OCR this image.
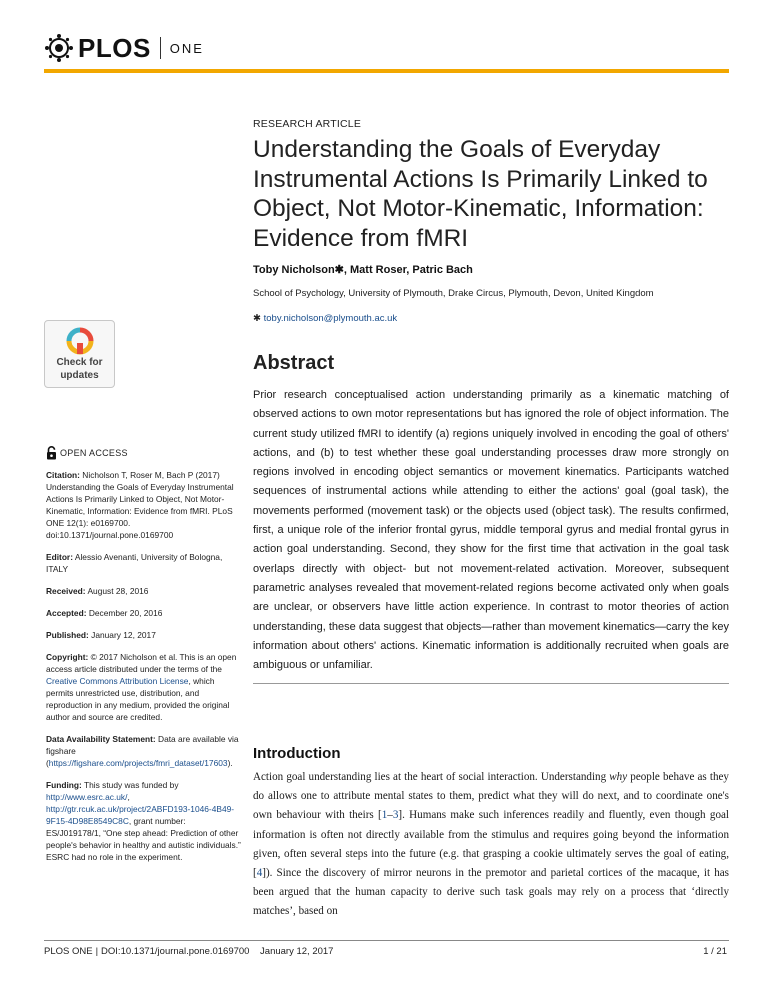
PLOS ONE
Check for
updates
RESEARCH ARTICLE
Understanding the Goals of Everyday Instrumental Actions Is Primarily Linked to Object, Not Motor-Kinematic, Information: Evidence from fMRI
Toby Nicholson✱, Matt Roser, Patric Bach
School of Psychology, University of Plymouth, Drake Circus, Plymouth, Devon, United Kingdom
✱ toby.nicholson@plymouth.ac.uk
Abstract

Prior research conceptualised action understanding primarily as a kinematic matching of observed actions to own motor representations but has ignored the role of object information. The current study utilized fMRI to identify (a) regions uniquely involved in encoding the goal of others' actions, and (b) to test whether these goal understanding processes draw more strongly on regions involved in encoding object semantics or movement kinematics. Participants watched sequences of instrumental actions while attending to either the actions' goal (goal task), the movements performed (movement task) or the objects used (object task). The results confirmed, first, a unique role of the inferior frontal gyrus, middle temporal gyrus and medial frontal gyrus in action goal understanding. Second, they show for the first time that activation in the goal task overlaps directly with object- but not movement-related activation. Moreover, subsequent parametric analyses revealed that movement-related regions become activated only when goals are unclear, or observers have little action experience. In contrast to motor theories of action understanding, these data suggest that objects—rather than movement kinematics—carry the key information about others' actions. Kinematic information is additionally recruited when goals are ambiguous or unfamiliar.

OPEN ACCESS
Citation: Nicholson T, Roser M, Bach P (2017) Understanding the Goals of Everyday Instrumental Actions Is Primarily Linked to Object, Not Motor-Kinematic, Information: Evidence from fMRI. PLoS ONE 12(1): e0169700. doi:10.1371/journal.pone.0169700
Editor: Alessio Avenanti, University of Bologna, ITALY
Received: August 28, 2016
Accepted: December 20, 2016
Published: January 12, 2017
Copyright: © 2017 Nicholson et al. This is an open access article distributed under the terms of the Creative Commons Attribution License, which permits unrestricted use, distribution, and reproduction in any medium, provided the original author and source are credited.
Data Availability Statement: Data are available via figshare (https://figshare.com/projects/fmri_dataset/17603).
Funding: This study was funded by http://www.esrc.ac.uk/, http://gtr.rcuk.ac.uk/project/2ABFD193-1046-4B49-9F15-4D98E8549C8C, grant number: ES/J019178/1, “One step ahead: Prediction of other people's behavior in healthy and autistic individuals.” ESRC had no role in the experiment.
Introduction

Action goal understanding lies at the heart of social interaction. Understanding why people behave as they do allows one to attribute mental states to them, predict what they will do next, and to coordinate one's own behaviour with theirs [1–3]. Humans make such inferences readily and fluently, even though goal information is often not directly available from the stimulus and requires going beyond the information given, often several steps into the future (e.g. that grasping a cookie ultimately serves the goal of eating, [4]). Since the discovery of mirror neurons in the premotor and parietal cortices of the macaque, it has been argued that the human capacity to derive such task goals may rely on a process that ‘directly matches’, based on

PLOS ONE | DOI:10.1371/journal.pone.0169700 January 12, 2017	1 / 21
